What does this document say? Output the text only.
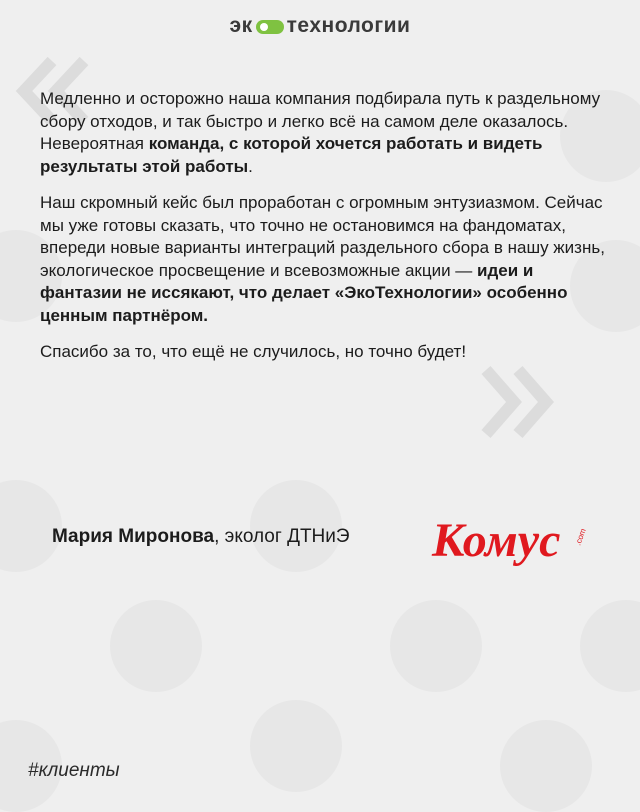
эк технологии

Медленно и осторожно наша компания подбирала путь к раздельному сбору отходов, и так быстро и легко всё на самом деле оказалось. Невероятная команда, с которой хочется работать и видеть результаты этой работы.

Наш скромный кейс был проработан с огромным энтузиазмом. Сейчас мы уже готовы сказать, что точно не остановимся на фандоматах, впереди новые варианты интеграций раздельного сбора в нашу жизнь, экологическое просвещение и всевозможные акции — идеи и фантазии не иссякают, что делает «ЭкоТехнологии» особенно ценным партнёром.

Спасибо за то, что ещё не случилось, но точно будет!

Мария Миронова, эколог ДТНиЭ Комус .com
#клиенты
